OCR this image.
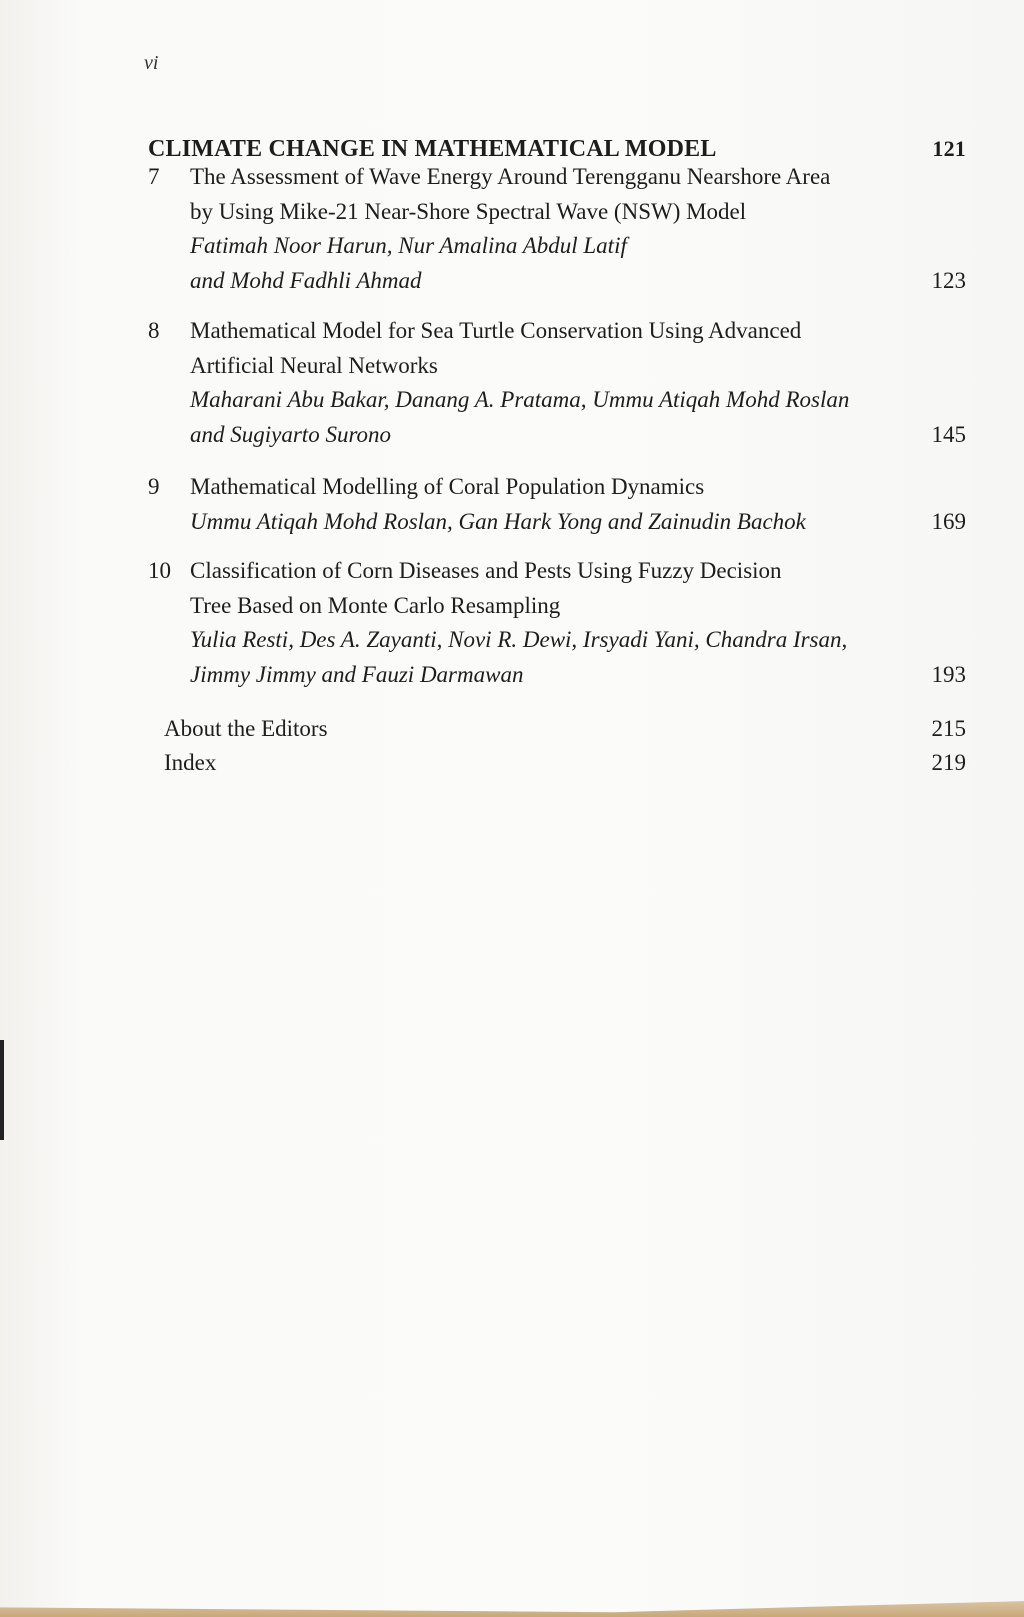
vi
CLIMATE CHANGE IN MATHEMATICAL MODEL	121
7	The Assessment of Wave Energy Around Terengganu Nearshore Area
by Using Mike-21 Near-Shore Spectral Wave (NSW) Model
Fatimah Noor Harun, Nur Amalina Abdul Latif
and Mohd Fadhli Ahmad	123
8	Mathematical Model for Sea Turtle Conservation Using Advanced
Artificial Neural Networks
Maharani Abu Bakar, Danang A. Pratama, Ummu Atiqah Mohd Roslan
and Sugiyarto Surono	145
9	Mathematical Modelling of Coral Population Dynamics
Ummu Atiqah Mohd Roslan, Gan Hark Yong and Zainudin Bachok	169
10 Classification of Corn Diseases and Pests Using Fuzzy Decision
Tree Based on Monte Carlo Resampling
Yulia Resti, Des A. Zayanti, Novi R. Dewi, Irsyadi Yani, Chandra Irsan,
Jimmy Jimmy and Fauzi Darmawan	193
About the Editors	215
Index	219
